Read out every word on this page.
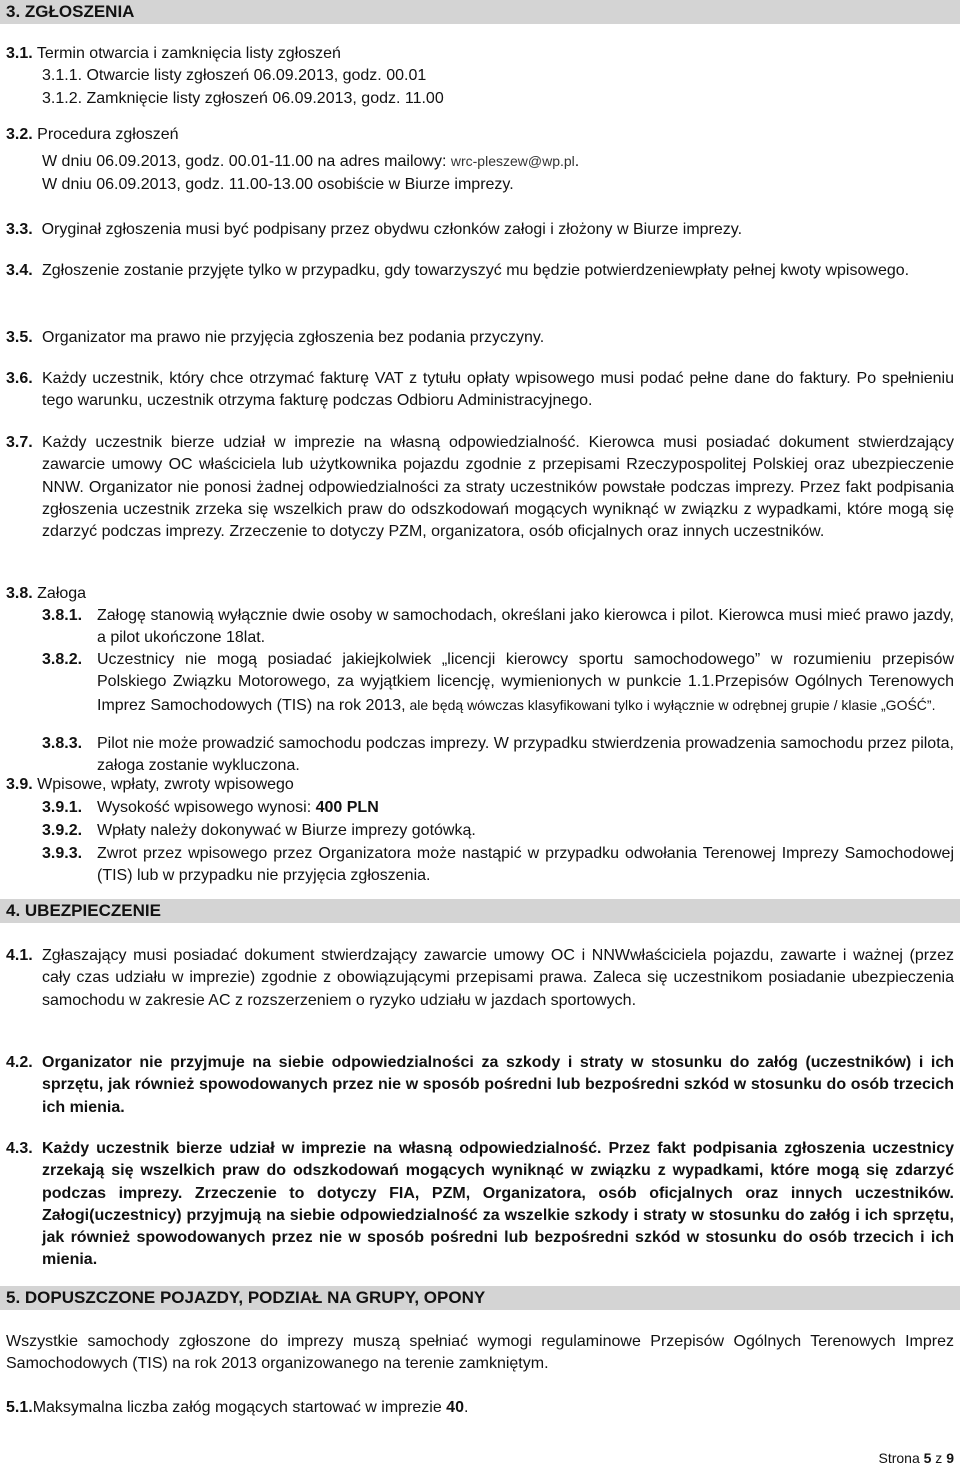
3. ZGŁOSZENIA
3.1. Termin otwarcia i zamknięcia listy zgłoszeń
3.1.1. Otwarcie listy zgłoszeń 06.09.2013, godz. 00.01
3.1.2. Zamknięcie listy zgłoszeń 06.09.2013, godz. 11.00
3.2. Procedura zgłoszeń
W dniu 06.09.2013, godz. 00.01-11.00 na adres mailowy: wrc-pleszew@wp.pl.
W dniu 06.09.2013, godz. 11.00-13.00 osobiście w Biurze imprezy.
3.3. Oryginał zgłoszenia musi być podpisany przez obydwu członków załogi i złożony w Biurze imprezy.
3.4. Zgłoszenie zostanie przyjęte tylko w przypadku, gdy towarzyszyć mu będzie potwierdzeniewpłaty pełnej kwoty wpisowego.
3.5. Organizator ma prawo nie przyjęcia zgłoszenia bez podania przyczyny.
3.6. Każdy uczestnik, który chce otrzymać fakturę VAT z tytułu opłaty wpisowego musi podać pełne dane do faktury. Po spełnieniu tego warunku, uczestnik otrzyma fakturę podczas Odbioru Administracyjnego.
3.7. Każdy uczestnik bierze udział w imprezie na własną odpowiedzialność. Kierowca musi posiadać dokument stwierdzający zawarcie umowy OC właściciela lub użytkownika pojazdu zgodnie z przepisami Rzeczypospolitej Polskiej oraz ubezpieczenie NNW. Organizator nie ponosi żadnej odpowiedzialności za straty uczestników powstałe podczas imprezy. Przez fakt podpisania zgłoszenia uczestnik zrzeka się wszelkich praw do odszkodowań mogących wyniknąć w związku z wypadkami, które mogą się zdarzyć podczas imprezy. Zrzeczenie to dotyczy PZM, organizatora, osób oficjalnych oraz innych uczestników.
3.8. Załoga
3.8.1. Załogę stanowią wyłącznie dwie osoby w samochodach, określani jako kierowca i pilot. Kierowca musi mieć prawo jazdy, a pilot ukończone 18lat.
3.8.2. Uczestnicy nie mogą posiadać jakiejkolwiek „licencji kierowcy sportu samochodowego” w rozumieniu przepisów Polskiego Związku Motorowego, za wyjątkiem licencję, wymienionych w punkcie 1.1.Przepisów Ogólnych Terenowych Imprez Samochodowych (TIS) na rok 2013, ale będą wówczas klasyfikowani tylko i wyłącznie w odrębnej grupie / klasie „GOŚĆ”.
3.8.3. Pilot nie może prowadzić samochodu podczas imprezy. W przypadku stwierdzenia prowadzenia samochodu przez pilota, załoga zostanie wykluczona.
3.9. Wpisowe, wpłaty, zwroty wpisowego
3.9.1. Wysokość wpisowego wynosi: 400 PLN
3.9.2. Wpłaty należy dokonywać w Biurze imprezy gotówką.
3.9.3. Zwrot przez wpisowego przez Organizatora może nastąpić w przypadku odwołania Terenowej Imprezy Samochodowej (TIS) lub w przypadku nie przyjęcia zgłoszenia.
4. UBEZPIECZENIE
4.1. Zgłaszający musi posiadać dokument stwierdzający zawarcie umowy OC i NNWwłaściciela pojazdu, zawarte i ważnej (przez cały czas udziału w imprezie) zgodnie z obowiązującymi przepisami prawa. Zaleca się uczestnikom posiadanie ubezpieczenia samochodu w zakresie AC z rozszerzeniem o ryzyko udziału w jazdach sportowych.
4.2. Organizator nie przyjmuje na siebie odpowiedzialności za szkody i straty w stosunku do załóg (uczestników) i ich sprzętu, jak również spowodowanych przez nie w sposób pośredni lub bezpośredni szkód w stosunku do osób trzecich ich mienia.
4.3. Każdy uczestnik bierze udział w imprezie na własną odpowiedzialność. Przez fakt podpisania zgłoszenia uczestnicy zrzekają się wszelkich praw do odszkodowań mogących wyniknąć w związku z wypadkami, które mogą się zdarzyć podczas imprezy. Zrzeczenie to dotyczy FIA, PZM, Organizatora, osób oficjalnych oraz innych uczestników. Załogi(uczestnicy) przyjmują na siebie odpowiedzialność za wszelkie szkody i straty w stosunku do załóg i ich sprzętu, jak również spowodowanych przez nie w sposób pośredni lub bezpośredni szkód w stosunku do osób trzecich i ich mienia.
5. DOPUSZCZONE POJAZDY, PODZIAŁ NA GRUPY, OPONY
Wszystkie samochody zgłoszone do imprezy muszą spełniać wymogi regulaminowe Przepisów Ogólnych Terenowych Imprez Samochodowych (TIS) na rok 2013 organizowanego na terenie zamkniętym.
5.1.Maksymalna liczba załóg mogących startować w imprezie 40.
Strona 5 z 9
